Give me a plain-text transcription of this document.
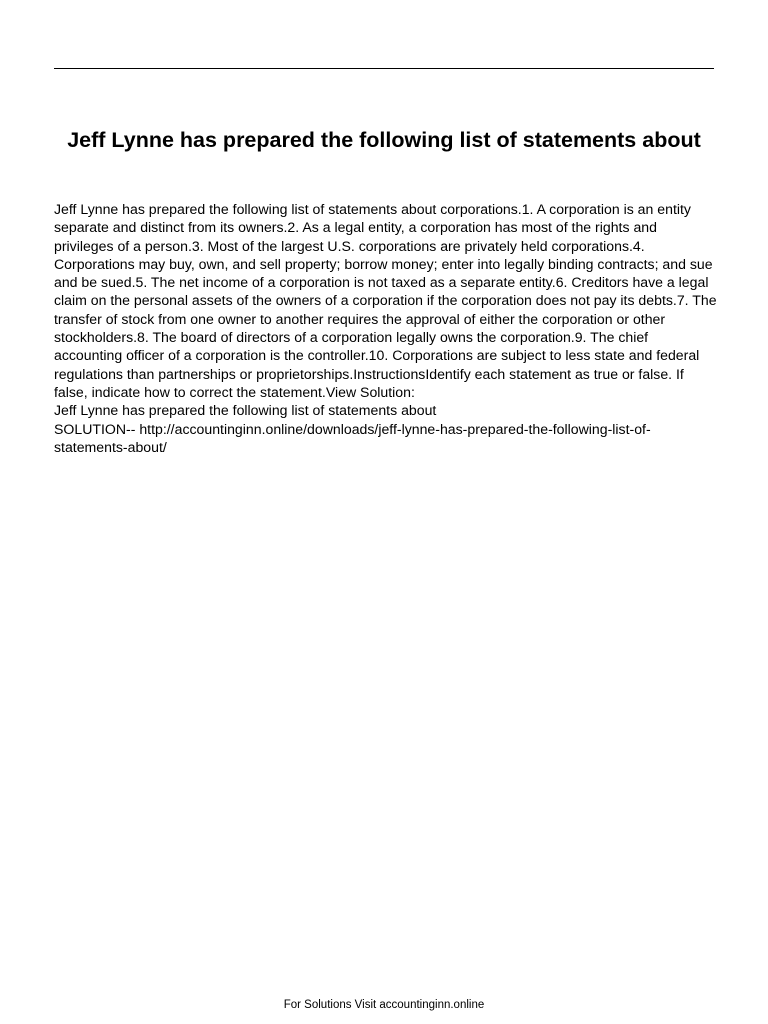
Jeff Lynne has prepared the following list of statements about

Jeff Lynne has prepared the following list of statements about corporations.1. A corporation is an entity separate and distinct from its owners.2. As a legal entity, a corporation has most of the rights and privileges of a person.3. Most of the largest U.S. corporations are privately held corporations.4. Corporations may buy, own, and sell property; borrow money; enter into legally binding contracts; and sue and be sued.5. The net income of a corporation is not taxed as a separate entity.6. Creditors have a legal claim on the personal assets of the owners of a corporation if the corporation does not pay its debts.7. The transfer of stock from one owner to another requires the approval of either the corporation or other stockholders.8. The board of directors of a corporation legally owns the corporation.9. The chief accounting officer of a corporation is the controller.10. Corporations are subject to less state and federal regulations than partnerships or proprietorships.InstructionsIdentify each statement as true or false. If false, indicate how to correct the statement.View Solution:

Jeff Lynne has prepared the following list of statements about

SOLUTION-- http://accountinginn.online/downloads/jeff-lynne-has-prepared-the-following-list-of-statements-about/

For Solutions Visit accountinginn.online
